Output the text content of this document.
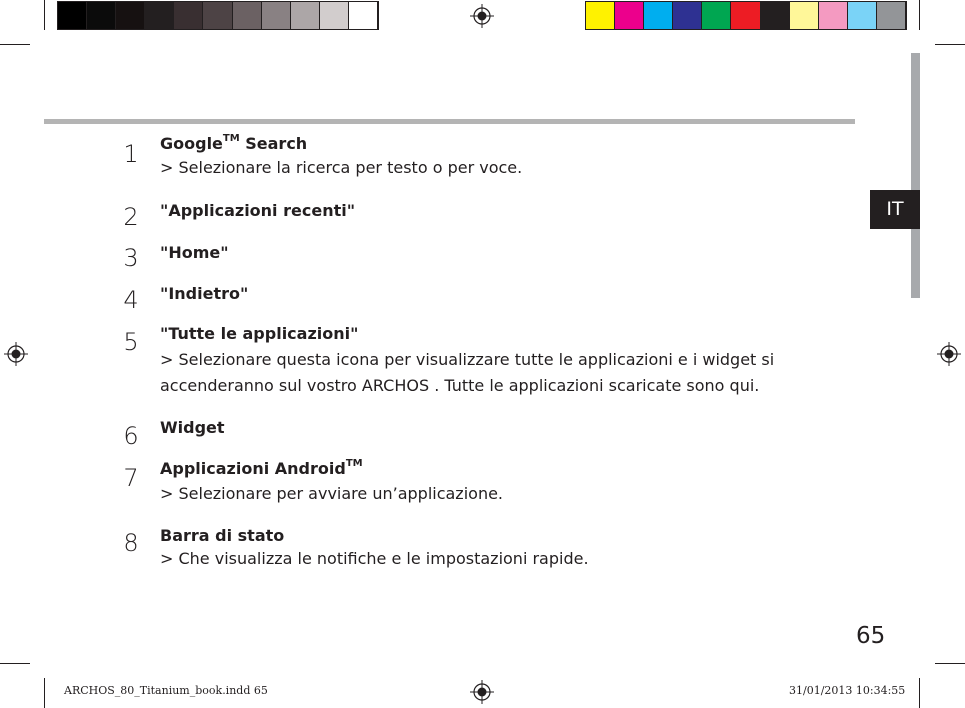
IT
1	Google™ Search
> Selezionare la ricerca per testo o per voce.
2	"Applicazioni recenti"
3	"Home"
4	"Indietro"
5	"Tutte le applicazioni"
> Selezionare questa icona per visualizzare tutte le applicazioni e i widget si
accenderanno sul vostro ARCHOS . Tutte le applicazioni scaricate sono qui.
6	Widget
7	Applicazioni Android™
> Selezionare per avviare un’applicazione.
8	Barra di stato
> Che visualizza le notifiche e le impostazioni rapide.
65
ARCHOS_80_Titanium_book.indd 65	31/01/2013 10:34:55
